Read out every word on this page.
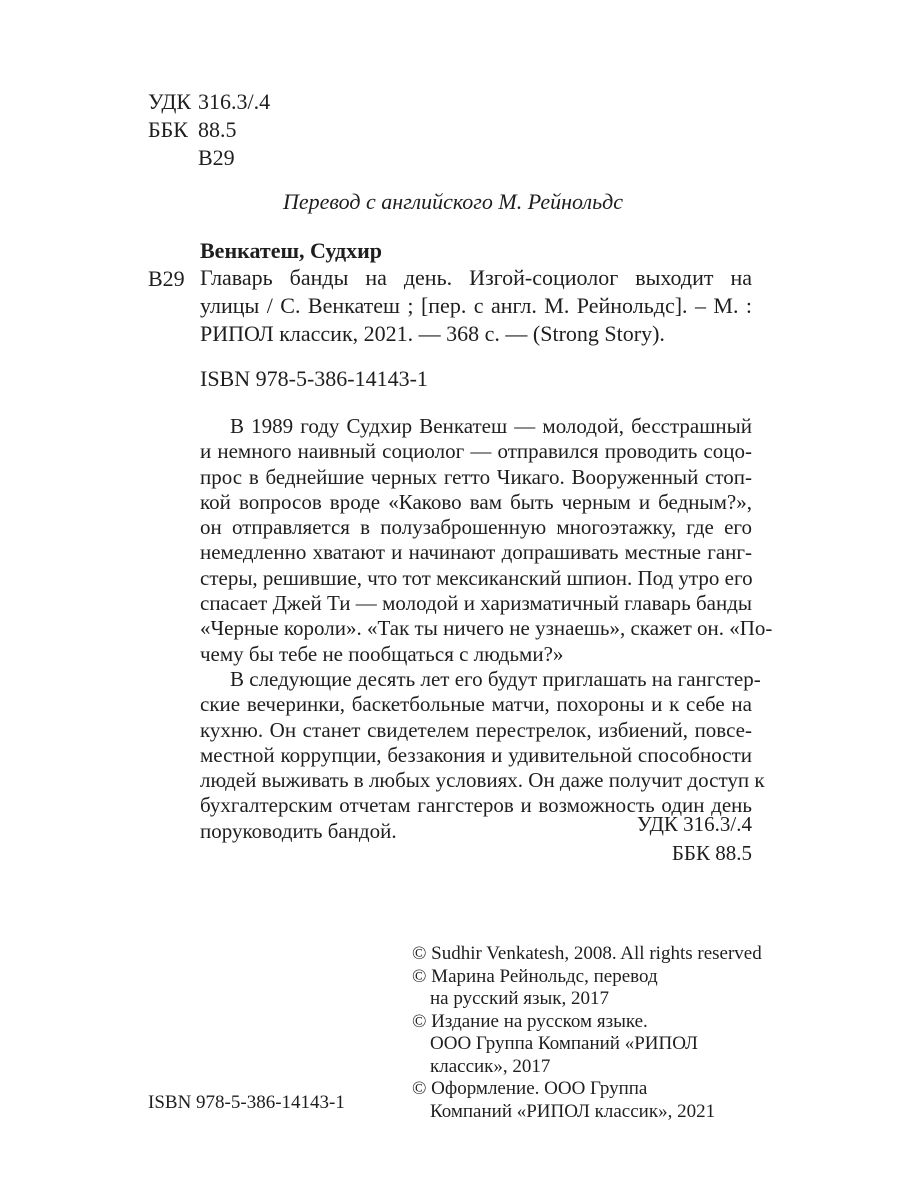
УДК 316.3/.4
ББК 88.5
В29

Перевод с английского М. Рейнольдс

Венкатеш, Судхир

В29 Главарь банды на день. Изгой-социолог выходит на
улицы / С. Венкатеш ; [пер. с англ. М. Рейнольдс]. – М. :
РИПОЛ классик, 2021. — 368 с. — (Strong Story).

ISBN 978-5-386-14143-1

В 1989 году Судхир Венкатеш — молодой, бесстрашный
и немного наивный социолог — отправился проводить соцо-
прос в беднейшие черных гетто Чикаго. Вооруженный стоп-
кой вопросов вроде «Каково вам быть черным и бедным?»,
он отправляется в полузаброшенную многоэтажку, где его
немедленно хватают и начинают допрашивать местные ганг-
стеры, решившие, что тот мексиканский шпион. Под утро его
спасает Джей Ти — молодой и харизматичный главарь банды
«Черные короли». «Так ты ничего не узнаешь», скажет он. «По-
чему бы тебе не пообщаться с людьми?»
В следующие десять лет его будут приглашать на гангстер-
ские вечеринки, баскетбольные матчи, похороны и к себе на
кухню. Он станет свидетелем перестрелок, избиений, повсе-
местной коррупции, беззакония и удивительной способности
людей выживать в любых условиях. Он даже получит доступ к
бухгалтерским отчетам гангстеров и возможность один день
поруководить бандой.	УДК 316.3/.4
ББК 88.5
© Sudhir Venkatesh, 2008. All rights reserved
© Марина Рейнольдс, перевод
на русский язык, 2017
© Издание на русском языке.
ООО Группа Компаний «РИПОЛ
классик», 2017
© Оформление. ООО Группа
Компаний «РИПОЛ классик», 2021

ISBN 978-5-386-14143-1
